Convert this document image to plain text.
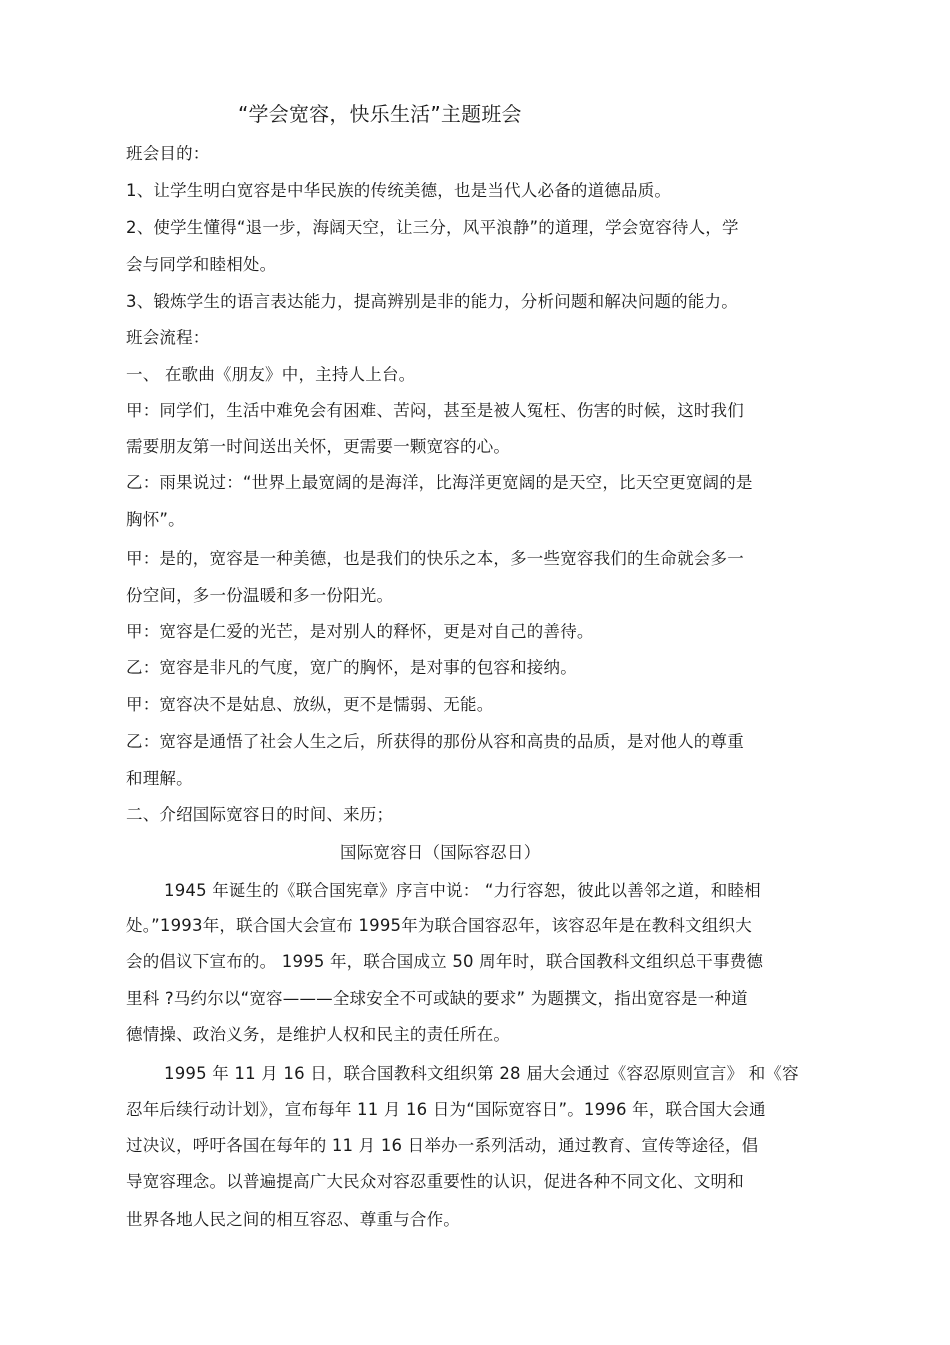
“学会宽容，快乐生活”主题班会

班会目的：

1、让学生明白宽容是中华民族的传统美德，也是当代人必备的道德品质。

2、使学生懂得“退一步，海阔天空，让三分，风平浪静”的道理，学会宽容待人，学

会与同学和睦相处。

3、锻炼学生的语言表达能力，提高辨别是非的能力，分析问题和解决问题的能力。

班会流程：

一、 在歌曲《朋友》中，主持人上台。

甲：同学们，生活中难免会有困难、苦闷，甚至是被人冤枉、伤害的时候，这时我们

需要朋友第一时间送出关怀，更需要一颗宽容的心。

乙：雨果说过：“世界上最宽阔的是海洋，比海洋更宽阔的是天空，比天空更宽阔的是

胸怀”。

甲：是的，宽容是一种美德，也是我们的快乐之本，多一些宽容我们的生命就会多一

份空间，多一份温暖和多一份阳光。

甲：宽容是仁爱的光芒，是对别人的释怀，更是对自己的善待。

乙：宽容是非凡的气度，宽广的胸怀，是对事的包容和接纳。

甲：宽容决不是姑息、放纵，更不是懦弱、无能。

乙：宽容是通悟了社会人生之后，所获得的那份从容和高贵的品质，是对他人的尊重

和理解。

二、介绍国际宽容日的时间、来历；

国际宽容日（国际容忍日）

1945 年诞生的《联合国宪章》序言中说： “力行容恕，彼此以善邻之道，和睦相

处。”1993年，联合国大会宣布 1995年为联合国容忍年，该容忍年是在教科文组织大

会的倡议下宣布的。 1995 年，联合国成立 50 周年时，联合国教科文组织总干事费德

里科 ?马约尔以“宽容———全球安全不可或缺的要求” 为题撰文，指出宽容是一种道

德情操、政治义务，是维护人权和民主的责任所在。

1995 年 11 月 16 日，联合国教科文组织第 28 届大会通过《容忍原则宣言》 和《容

忍年后续行动计划》，宣布每年 11 月 16 日为“国际宽容日”。1996 年，联合国大会通

过决议，呼吁各国在每年的 11 月 16 日举办一系列活动，通过教育、宣传等途径，倡

导宽容理念。以普遍提高广大民众对容忍重要性的认识，促进各种不同文化、文明和

世界各地人民之间的相互容忍、尊重与合作。
